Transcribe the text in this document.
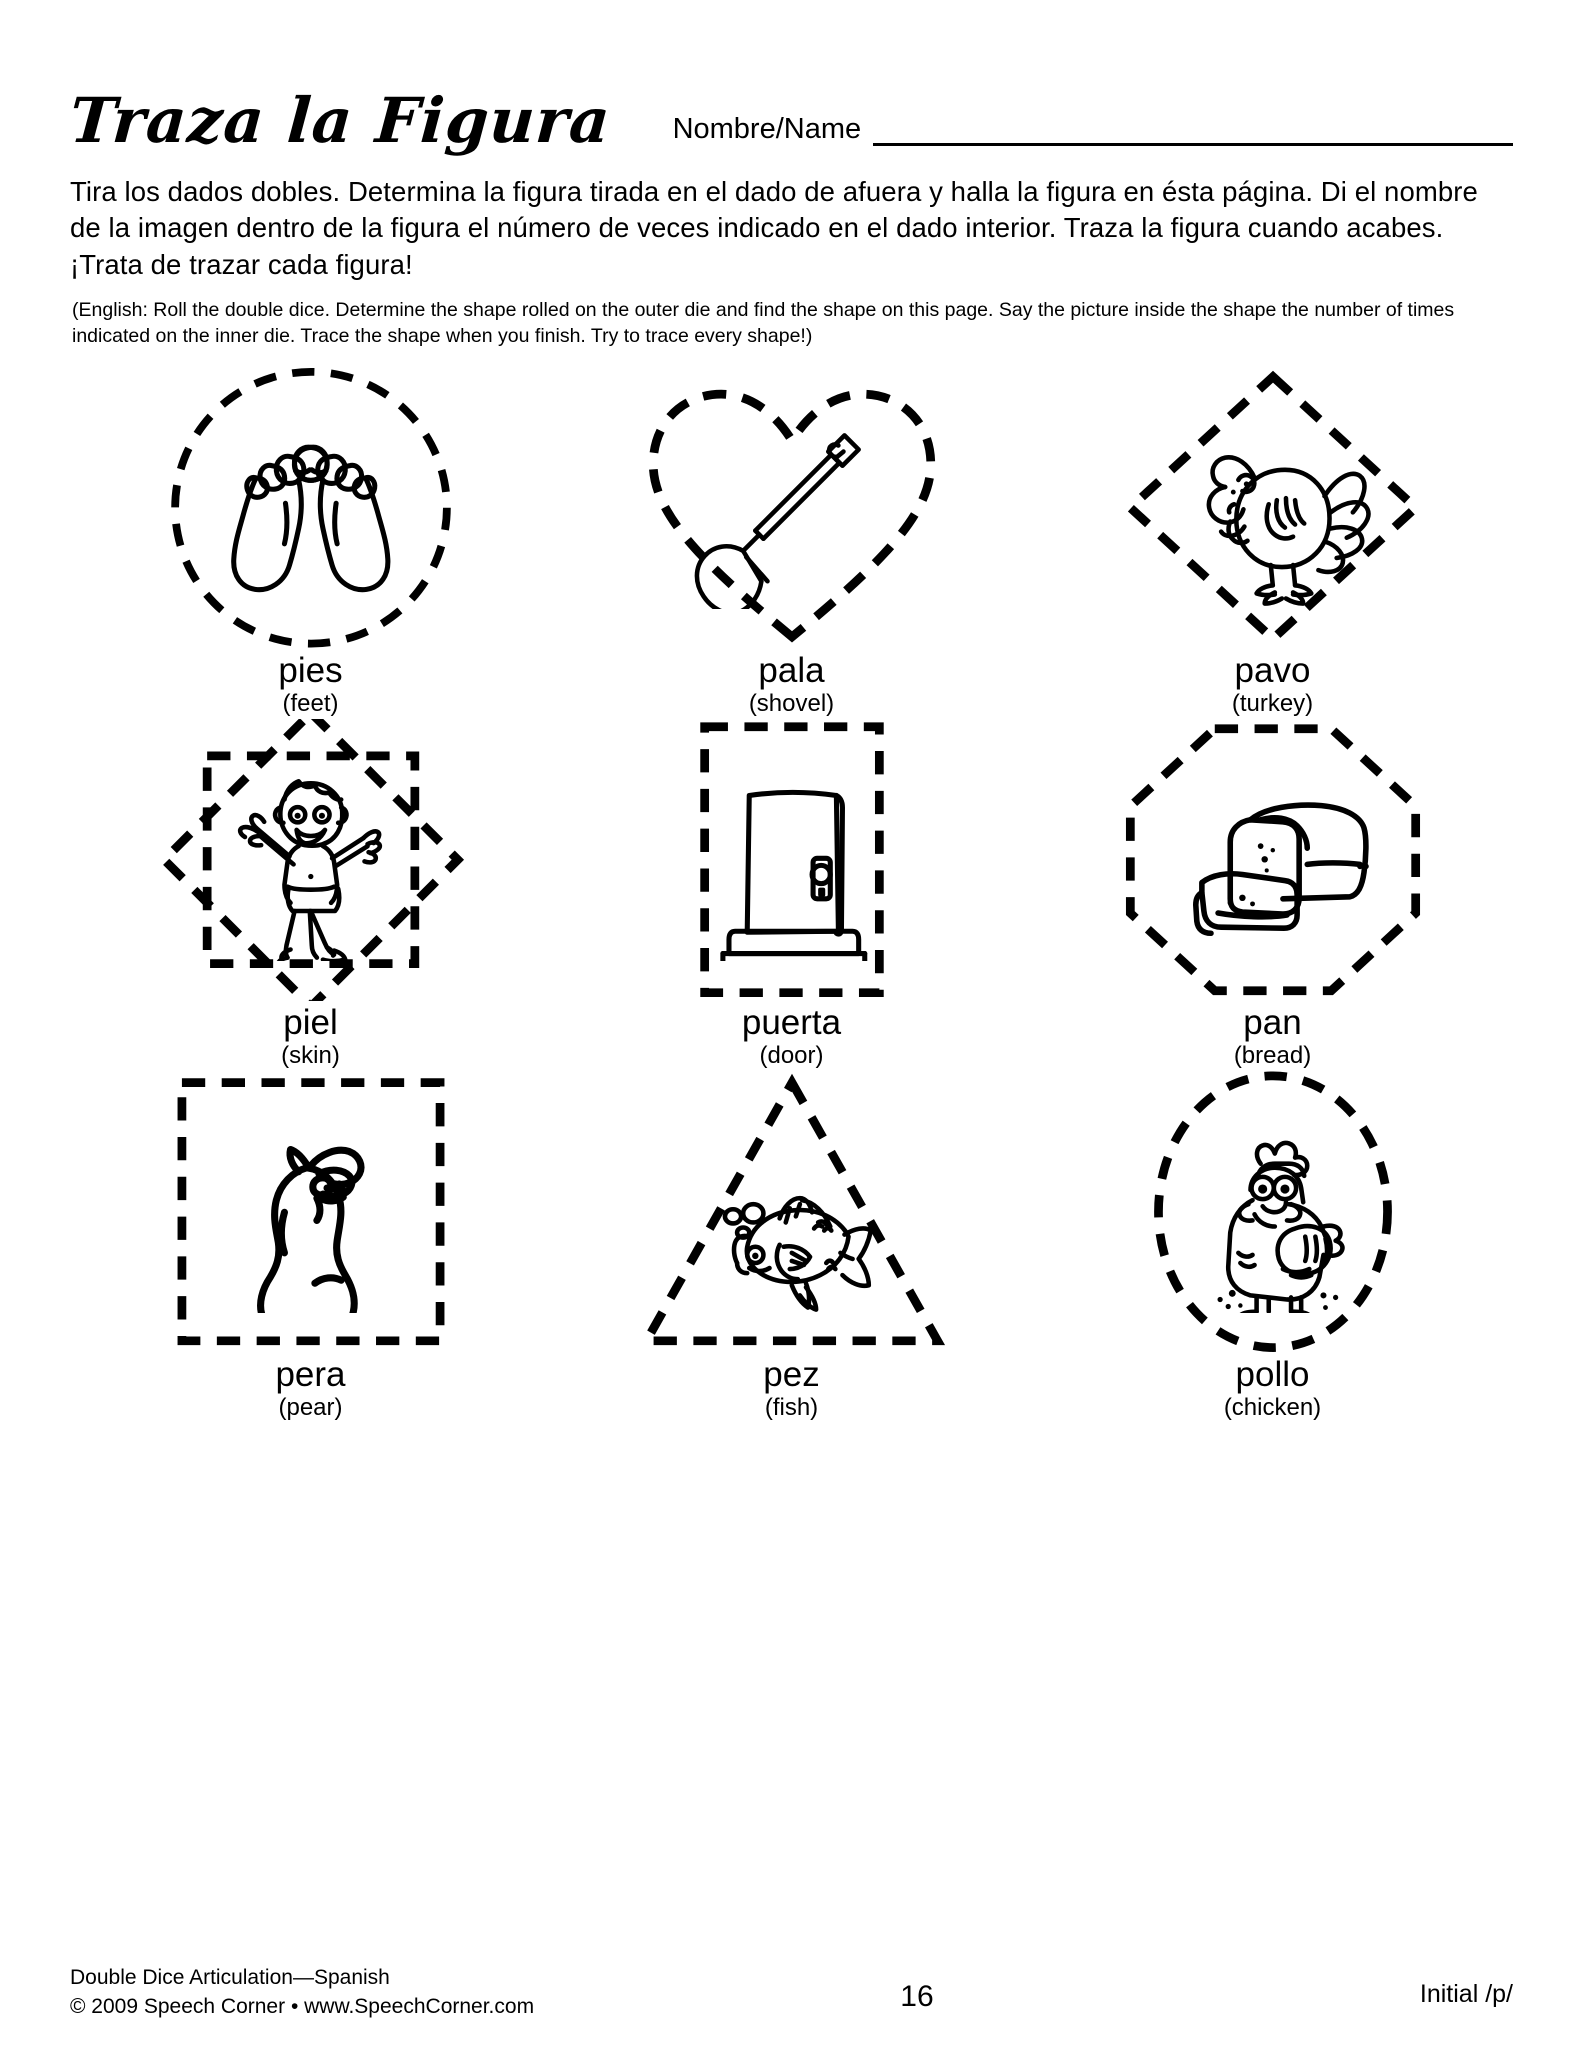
Traza la Figura Nombre/Name
Tira los dados dobles. Determina la figura tirada en el dado de afuera y halla la figura en ésta página. Di el nombre de la imagen dentro de la figura el número de veces indicado en el dado interior. Traza la figura cuando acabes. ¡Trata de trazar cada figura!
(English: Roll the double dice. Determine the shape rolled on the outer die and find the shape on this page. Say the picture inside the shape the number of times indicated on the inner die. Trace the shape when you finish. Try to trace every shape!)
pies
(feet)
pala
(shovel)
pavo
(turkey)
piel
(skin)
puerta
(door)
pan
(bread)
pera
(pear)
pez
(fish)
pollo
(chicken)
Double Dice Articulation—Spanish
© 2009 Speech Corner • www.SpeechCorner.com	16	Initial /p/
